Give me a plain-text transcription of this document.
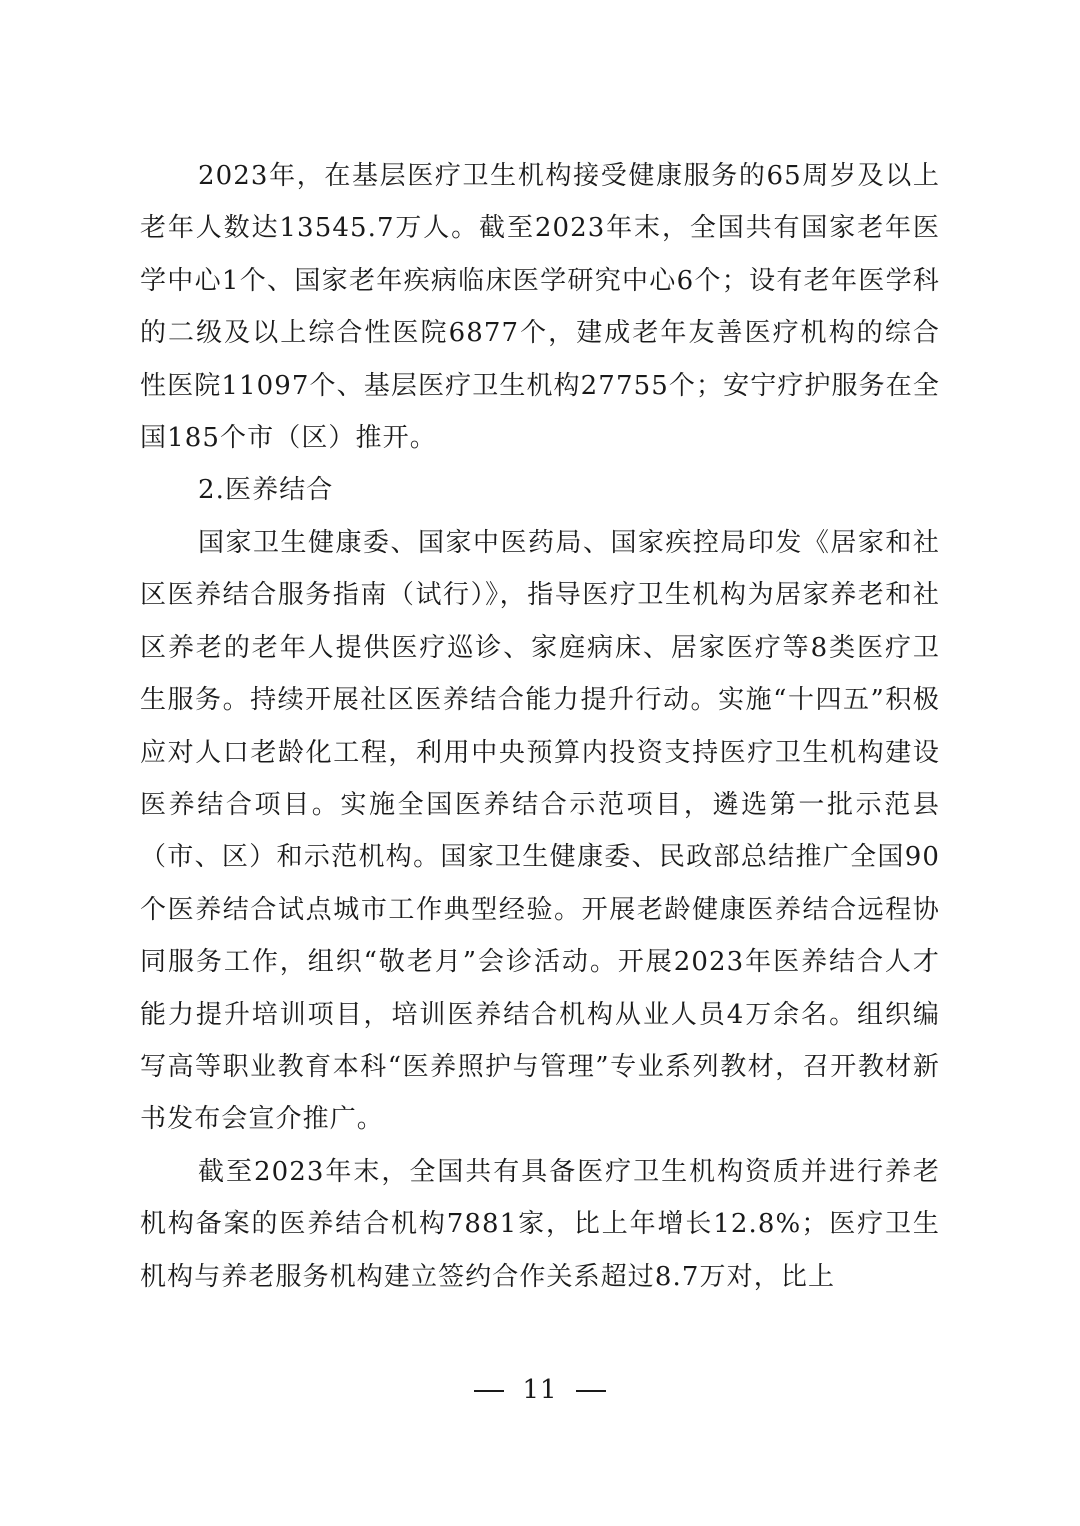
2023年，在基层医疗卫生机构接受健康服务的65周岁及以上老年人数达13545.7万人。截至2023年末，全国共有国家老年医学中心1个、国家老年疾病临床医学研究中心6个；设有老年医学科的二级及以上综合性医院6877个，建成老年友善医疗机构的综合性医院11097个、基层医疗卫生机构27755个；安宁疗护服务在全国185个市（区）推开。

2.医养结合

国家卫生健康委、国家中医药局、国家疾控局印发《居家和社区医养结合服务指南（试行）》，指导医疗卫生机构为居家养老和社区养老的老年人提供医疗巡诊、家庭病床、居家医疗等8类医疗卫生服务。持续开展社区医养结合能力提升行动。实施“十四五”积极应对人口老龄化工程，利用中央预算内投资支持医疗卫生机构建设医养结合项目。实施全国医养结合示范项目，遴选第一批示范县（市、区）和示范机构。国家卫生健康委、民政部总结推广全国90个医养结合试点城市工作典型经验。开展老龄健康医养结合远程协同服务工作，组织“敬老月”会诊活动。开展2023年医养结合人才能力提升培训项目，培训医养结合机构从业人员4万余名。组织编写高等职业教育本科“医养照护与管理”专业系列教材，召开教材新书发布会宣介推广。

截至2023年末，全国共有具备医疗卫生机构资质并进行养老机构备案的医养结合机构7881家，比上年增长12.8%；医疗卫生机构与养老服务机构建立签约合作关系超过8.7万对，比上

11
